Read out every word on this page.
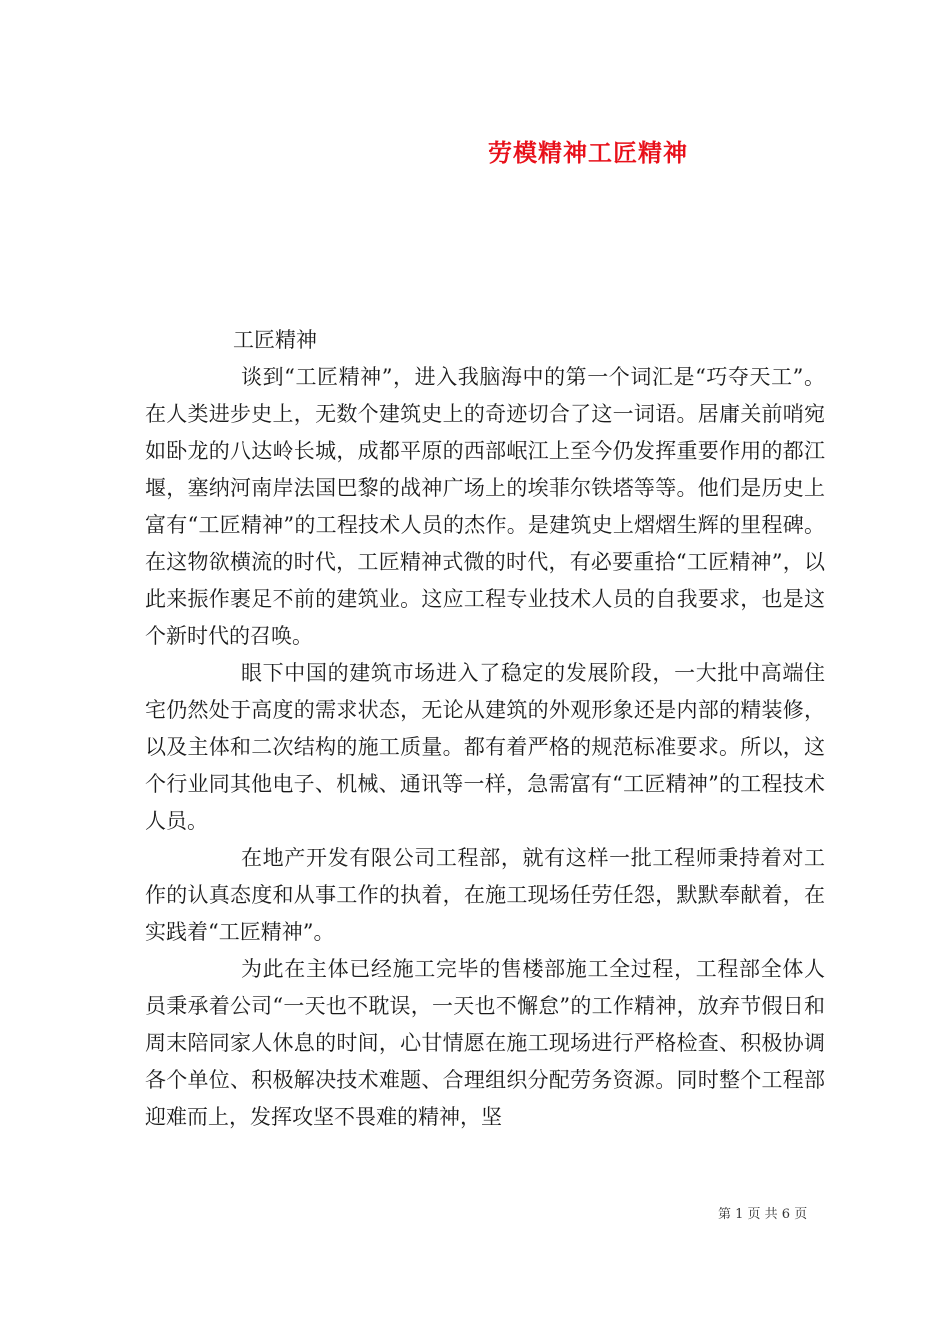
劳模精神工匠精神
工匠精神

谈到“工匠精神”，进入我脑海中的第一个词汇是“巧夺天工”。在人类进步史上，无数个建筑史上的奇迹切合了这一词语。居庸关前哨宛如卧龙的八达岭长城，成都平原的西部岷江上至今仍发挥重要作用的都江堰，塞纳河南岸法国巴黎的战神广场上的埃菲尔铁塔等等。他们是历史上富有“工匠精神”的工程技术人员的杰作。是建筑史上熠熠生辉的里程碑。在这物欲横流的时代，工匠精神式微的时代，有必要重拾“工匠精神”，以此来振作裹足不前的建筑业。这应工程专业技术人员的自我要求，也是这个新时代的召唤。

眼下中国的建筑市场进入了稳定的发展阶段，一大批中高端住宅仍然处于高度的需求状态，无论从建筑的外观形象还是内部的精装修，以及主体和二次结构的施工质量。都有着严格的规范标准要求。所以，这个行业同其他电子、机械、通讯等一样，急需富有“工匠精神”的工程技术人员。

在地产开发有限公司工程部，就有这样一批工程师秉持着对工作的认真态度和从事工作的执着，在施工现场任劳任怨，默默奉献着，在实践着“工匠精神”。

为此在主体已经施工完毕的售楼部施工全过程，工程部全体人员秉承着公司“一天也不耽误，一天也不懈怠”的工作精神，放弃节假日和周末陪同家人休息的时间，心甘情愿在施工现场进行严格检查、积极协调各个单位、积极解决技术难题、合理组织分配劳务资源。同时整个工程部迎难而上，发挥攻坚不畏难的精神，坚

第 1 页 共 6 页
